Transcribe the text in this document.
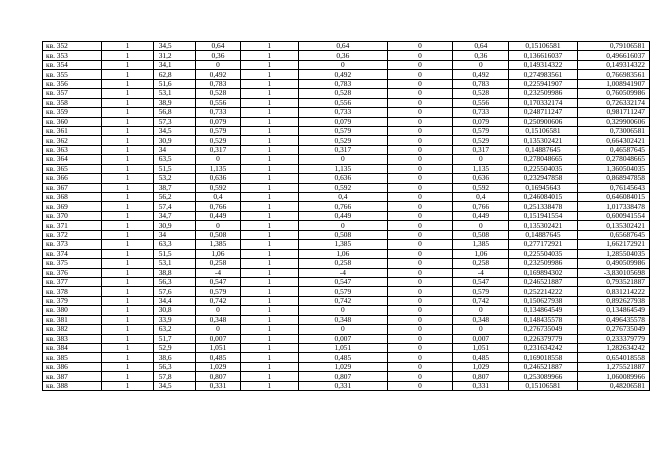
кв. 352	1	34,5	0,64	1	0,64	0	0,64	0,15106581	0,79106581
кв. 353	1	31,2	0,36	1	0,36	0	0,36	0,136616037	0,496616037
кв. 354	1	34,1	0	1	0	0	0	0,149314322	0,149314322
кв. 355	1	62,8	0,492	1	0,492	0	0,492	0,274983561	0,766983561
кв. 356	1	51,6	0,783	1	0,783	0	0,783	0,225941907	1,008941907
кв. 357	1	53,1	0,528	1	0,528	0	0,528	0,232509986	0,760509986
кв. 358	1	38,9	0,556	1	0,556	0	0,556	0,170332174	0,726332174
кв. 359	1	56,8	0,733	1	0,733	0	0,733	0,248711247	0,981711247
кв. 360	1	57,3	0,079	1	0,079	0	0,079	0,250900606	0,329900606
кв. 361	1	34,5	0,579	1	0,579	0	0,579	0,15106581	0,73006581
кв. 362	1	30,9	0,529	1	0,529	0	0,529	0,135302421	0,664302421
кв. 363	1	34	0,317	1	0,317	0	0,317	0,14887645	0,46587645
кв. 364	1	63,5	0	1	0	0	0	0,278048665	0,278048665
кв. 365	1	51,5	1,135	1	1,135	0	1,135	0,225504035	1,360504035
кв. 366	1	53,2	0,636	1	0,636	0	0,636	0,232947858	0,868947858
кв. 367	1	38,7	0,592	1	0,592	0	0,592	0,16945643	0,76145643
кв. 368	1	56,2	0,4	1	0,4	0	0,4	0,246084015	0,646084015
кв. 369	1	57,4	0,766	1	0,766	0	0,766	0,251338478	1,017338478
кв. 370	1	34,7	0,449	1	0,449	0	0,449	0,151941554	0,600941554
кв. 371	1	30,9	0	1	0	0	0	0,135302421	0,135302421
кв. 372	1	34	0,508	1	0,508	0	0,508	0,14887645	0,65687645
кв. 373	1	63,3	1,385	1	1,385	0	1,385	0,277172921	1,662172921
кв. 374	1	51,5	1,06	1	1,06	0	1,06	0,225504035	1,285504035
кв. 375	1	53,1	0,258	1	0,258	0	0,258	0,232509986	0,490509986
кв. 376	1	38,8	-4	1	-4	0	-4	0,169894302	-3,830105698
кв. 377	1	56,3	0,547	1	0,547	0	0,547	0,246521887	0,793521887
кв. 378	1	57,6	0,579	1	0,579	0	0,579	0,252214222	0,831214222
кв. 379	1	34,4	0,742	1	0,742	0	0,742	0,150627938	0,892627938
кв. 380	1	30,8	0	1	0	0	0	0,134864549	0,134864549
кв. 381	1	33,9	0,348	1	0,348	0	0,348	0,148435578	0,496435578
кв. 382	1	63,2	0	1	0	0	0	0,276735049	0,276735049
кв. 383	1	51,7	0,007	1	0,007	0	0,007	0,226379779	0,233379779
кв. 384	1	52,9	1,051	1	1,051	0	1,051	0,231634242	1,282634242
кв. 385	1	38,6	0,485	1	0,485	0	0,485	0,169018558	0,654018558
кв. 386	1	56,3	1,029	1	1,029	0	1,029	0,246521887	1,275521887
кв. 387	1	57,8	0,807	1	0,807	0	0,807	0,253089966	1,060089966
кв. 388	1	34,5	0,331	1	0,331	0	0,331	0,15106581	0,48206581
